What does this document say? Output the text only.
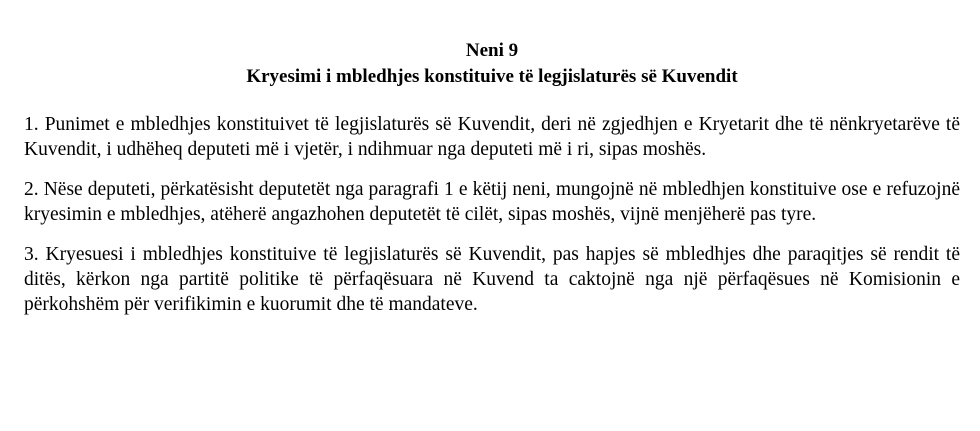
Neni 9
Kryesimi i mbledhjes konstituive të legjislaturës së Kuvendit

1. Punimet e mbledhjes konstituivet të legjislaturës së Kuvendit, deri në zgjedhjen e Kryetarit dhe të nënkryetarëve të Kuvendit, i udhëheq deputeti më i vjetër, i ndihmuar nga deputeti më i ri, sipas moshës.

2. Nëse deputeti, përkatësisht deputetët nga paragrafi 1 e këtij neni, mungojnë në mbledhjen konstituive ose e refuzojnë kryesimin e mbledhjes, atëherë angazhohen deputetët të cilët, sipas moshës, vijnë menjëherë pas tyre.

3. Kryesuesi i mbledhjes konstituive të legjislaturës së Kuvendit, pas hapjes së mbledhjes dhe paraqitjes së rendit të ditës, kërkon nga partitë politike të përfaqësuara në Kuvend ta caktojnë nga një përfaqësues në Komisionin e përkohshëm për verifikimin e kuorumit dhe të mandateve.
